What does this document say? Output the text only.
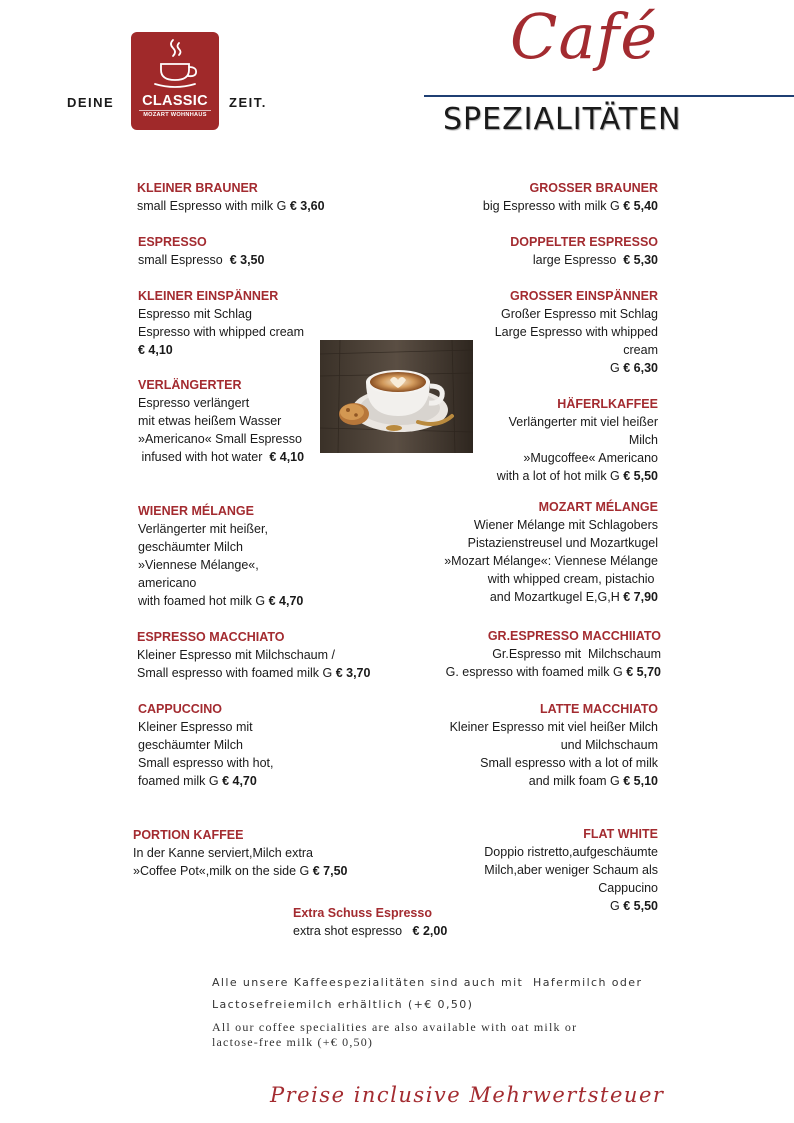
DEINE	CLASSIC
MOZART WOHNHAUS
ZEIT.
Café
SPEZIALITÄTEN
KLEINER BRAUNER
small Espresso with milk G € 3,60
ESPRESSO
small Espresso  € 3,50
KLEINER EINSPÄNNER
Espresso mit Schlag
Espresso with whipped cream
€ 4,10
VERLÄNGERTER
Espresso verlängert
mit etwas heißem Wasser
»Americano« Small Espresso
infused with hot water  € 4,10
WIENER MÉLANGE
Verlängerter mit heißer,
geschäumter Milch
»Viennese Mélange«,
americano
with foamed hot milk G € 4,70
ESPRESSO MACCHIATO
Kleiner Espresso mit Milchschaum /
Small espresso with foamed milk G € 3,70
CAPPUCCINO
Kleiner Espresso mit
geschäumter Milch
Small espresso with hot,
foamed milk G € 4,70
PORTION KAFFEE
In der Kanne serviert,Milch extra
»Coffee Pot«,milk on the side G € 7,50
Extra Schuss Espresso
extra shot espresso   € 2,00
GROSSER BRAUNER
big Espresso with milk G € 5,40
DOPPELTER ESPRESSO
large Espresso  € 5,30
GROSSER EINSPÄNNER
Großer Espresso mit Schlag
Large Espresso with whipped
cream
G € 6,30
HÄFERLKAFFEE
Verlängerter mit viel heißer
Milch
»Mugcoffee« Americano
with a lot of hot milk G € 5,50
MOZART MÉLANGE
Wiener Mélange mit Schlagobers
Pistazienstreusel und Mozartkugel
»Mozart Mélange«: Viennese Mélange
with whipped cream, pistachio
and Mozartkugel E,G,H € 7,90
GR.ESPRESSO MACCHIIATO
Gr.Espresso mit  Milchschaum
G. espresso with foamed milk G € 5,70
LATTE MACCHIATO
Kleiner Espresso mit viel heißer Milch
und Milchschaum
Small espresso with a lot of milk
and milk foam G € 5,10
FLAT WHITE
Doppio ristretto,aufgeschäumte
Milch,aber weniger Schaum als
Cappucino
G € 5,50
Alle unsere Kaffeespezialitäten sind auch mit  Hafermilch oder
Lactosefreiemilch erhältlich (+€ 0,50)
All our coffee specialities are also available with oat milk or
lactose-free milk (+€ 0,50)
Preise inclusive Mehrwertsteuer
